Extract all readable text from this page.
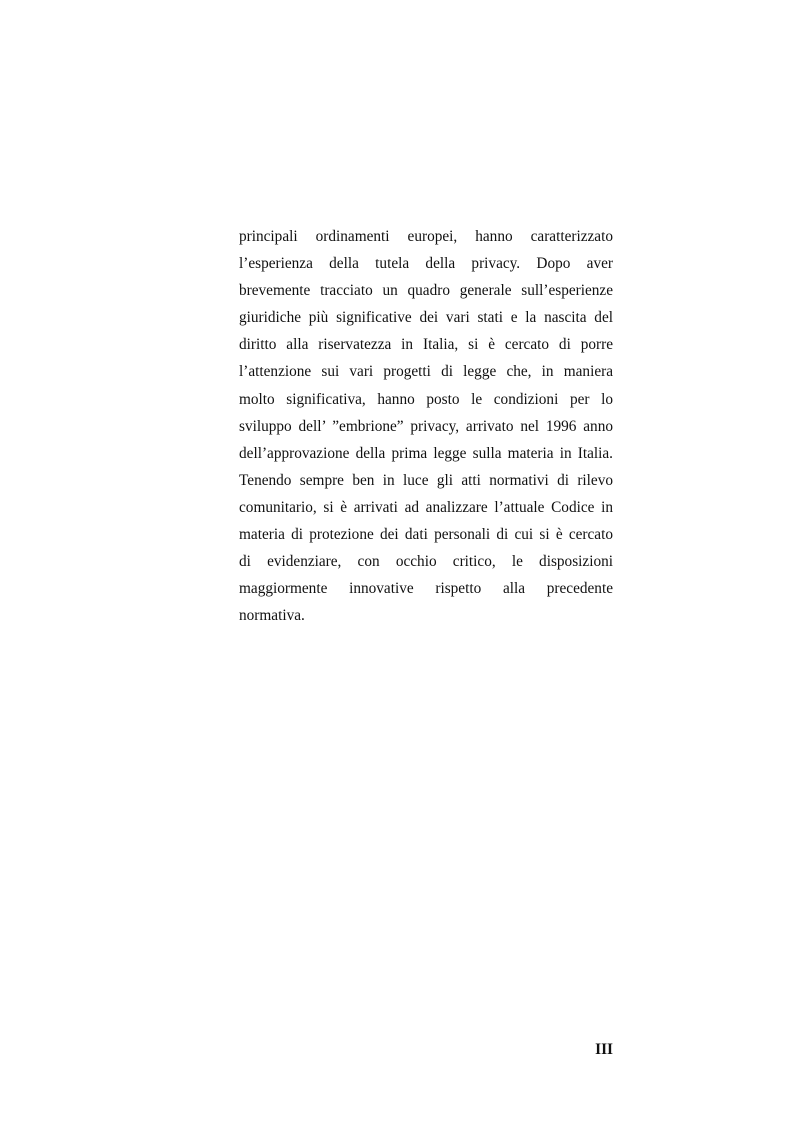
principali ordinamenti europei, hanno caratterizzato
l’esperienza della tutela della privacy. Dopo aver
brevemente tracciato un quadro generale sull’esperienze
giuridiche più significative dei vari stati e la nascita del
diritto alla riservatezza in Italia, si è cercato di porre
l’attenzione sui vari progetti di legge che, in maniera
molto significativa, hanno posto le condizioni per lo
sviluppo dell’ ”embrione” privacy, arrivato nel 1996 anno
dell’approvazione della prima legge sulla materia in Italia.
Tenendo sempre ben in luce gli atti normativi di rilevo
comunitario, si è arrivati ad analizzare l’attuale Codice in
materia di protezione dei dati personali di cui si è cercato
di evidenziare, con occhio critico, le disposizioni
maggiormente innovative rispetto alla precedente
normativa.
III
